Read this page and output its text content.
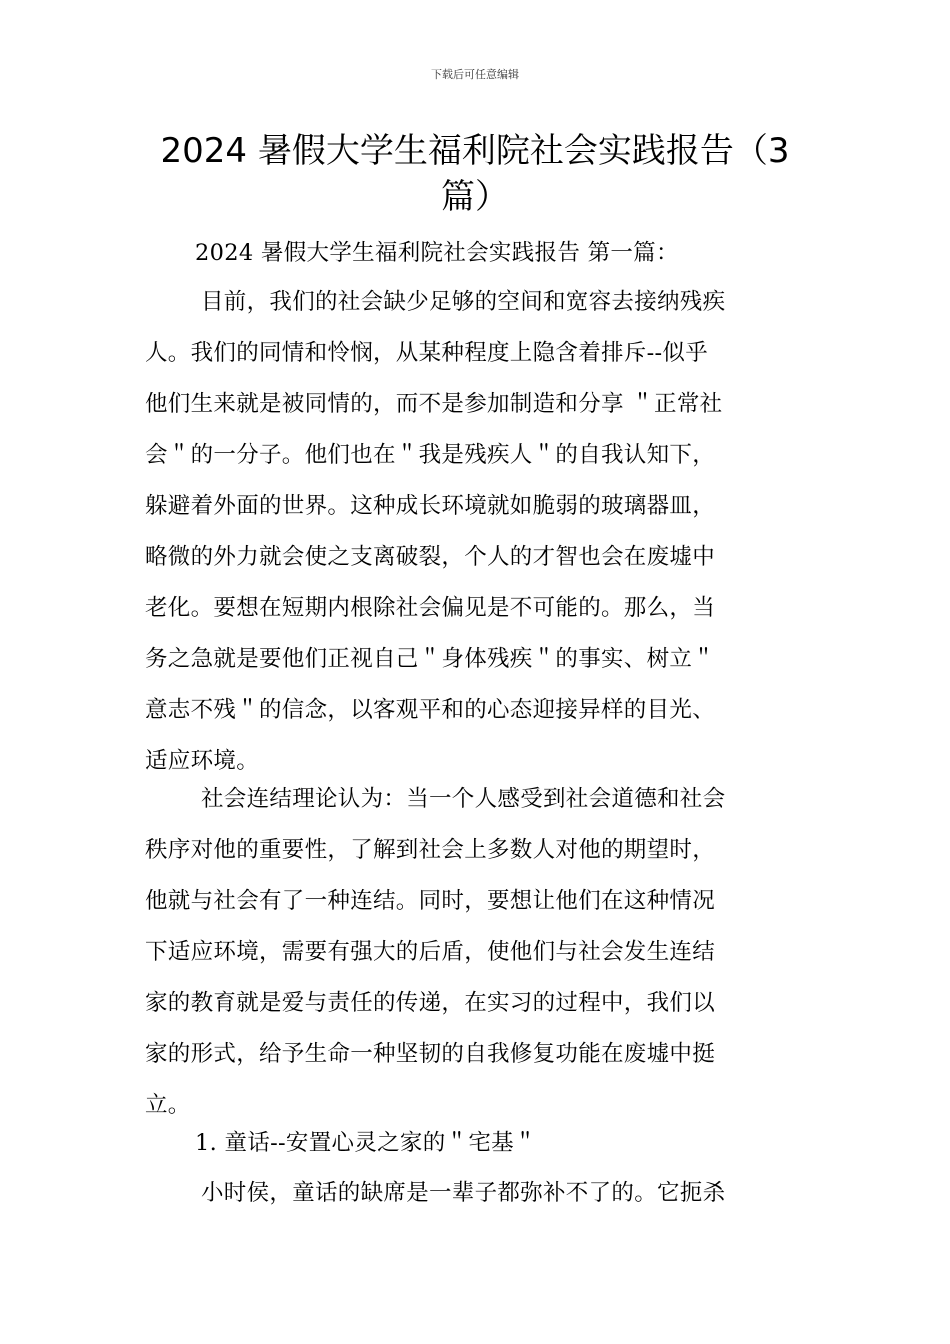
下载后可任意编辑
2024 暑假大学生福利院社会实践报告（3
篇）

2024 暑假大学生福利院社会实践报告 第一篇：

目前，我们的社会缺少足够的空间和宽容去接纳残疾
人。我们的同情和怜悯，从某种程度上隐含着排斥--似乎
他们生来就是被同情的，而不是参加制造和分享 ＂正常社
会＂的一分子。他们也在＂我是残疾人＂的自我认知下，
躲避着外面的世界。这种成长环境就如脆弱的玻璃器皿，
略微的外力就会使之支离破裂，个人的才智也会在废墟中
老化。要想在短期内根除社会偏见是不可能的。那么，当
务之急就是要他们正视自己＂身体残疾＂的事实、树立＂
意志不残＂的信念，以客观平和的心态迎接异样的目光、
适应环境。
社会连结理论认为：当一个人感受到社会道德和社会
秩序对他的重要性，了解到社会上多数人对他的期望时，
他就与社会有了一种连结。同时，要想让他们在这种情况
下适应环境，需要有强大的后盾，使他们与社会发生连结
家的教育就是爱与责任的传递，在实习的过程中，我们以
家的形式，给予生命一种坚韧的自我修复功能在废墟中挺
立。

1. 童话--安置心灵之家的＂宅基＂

小时侯，童话的缺席是一辈子都弥补不了的。它扼杀
